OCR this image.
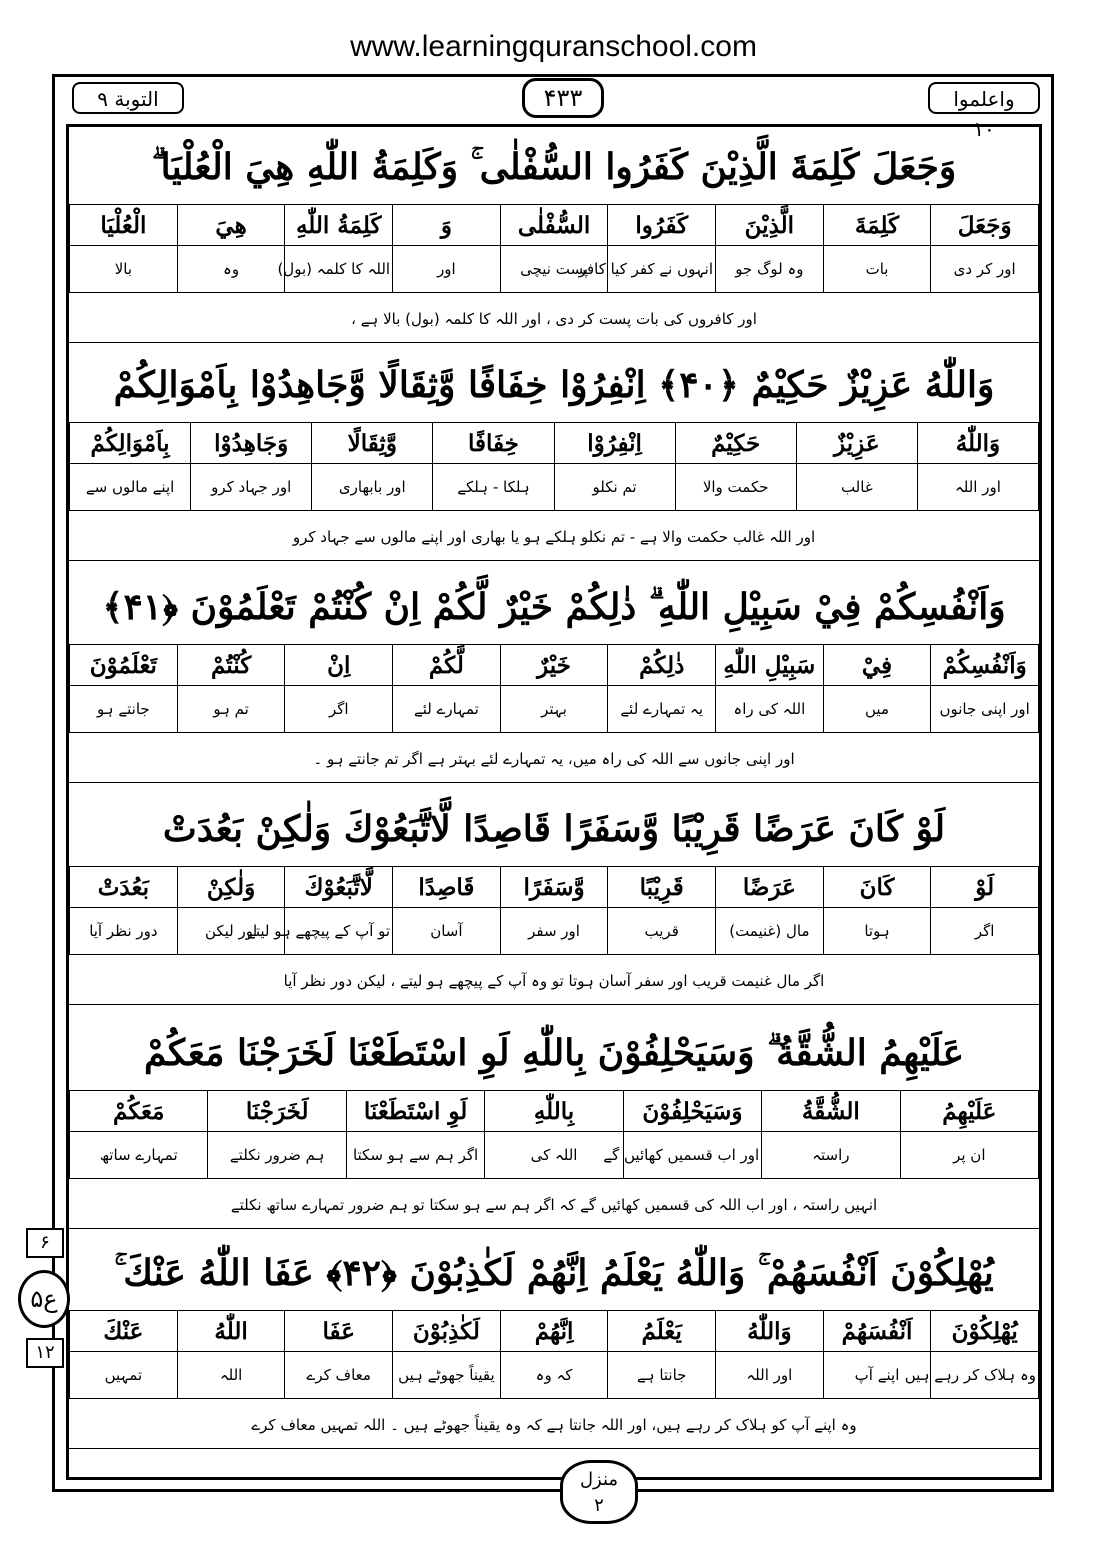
www.learningquranschool.com
التوبة ۹	۴۳۳	واعلموا ۱۰
وَجَعَلَ كَلِمَةَ الَّذِيْنَ كَفَرُوا السُّفْلٰى ۚ وَكَلِمَةُ اللّٰهِ هِيَ الْعُلْيَا ۗ
وَجَعَلَ	كَلِمَةَ	الَّذِيْنَ	كَفَرُوا	السُّفْلٰى	وَ	كَلِمَةُ اللّٰهِ	هِيَ	الْعُلْيَا
اور کر دی	بات	وہ لوگ جو	انہوں نے کفر کیا کافر	پست نیچی	اور	اللہ کا کلمہ (بول)	وہ	بالا
اور کافروں کی بات پست کر دی ، اور اللہ کا کلمہ (بول) بالا ہے ،
وَاللّٰهُ عَزِيْزٌ حَكِيْمٌ ﴿۴۰﴾ اِنْفِرُوْا خِفَافًا وَّثِقَالًا وَّجَاهِدُوْا بِاَمْوَالِكُمْ
وَاللّٰهُ	عَزِيْزٌ	حَكِيْمٌ	اِنْفِرُوْا	خِفَافًا	وَّثِقَالًا	وَجَاهِدُوْا	بِاَمْوَالِكُمْ
اور اللہ	غالب	حکمت والا	تم نکلو	ہلکا - ہلکے	اور بابھاری	اور جہاد کرو	اپنے مالوں سے
اور اللہ غالب حکمت والا ہے - تم نکلو ہلکے ہو یا بھاری اور اپنے مالوں سے جہاد کرو
وَاَنْفُسِكُمْ فِيْ سَبِيْلِ اللّٰهِ ۗ ذٰلِكُمْ خَيْرٌ لَّكُمْ اِنْ كُنْتُمْ تَعْلَمُوْنَ ﴿۴۱﴾
وَاَنْفُسِكُمْ	فِيْ	سَبِيْلِ اللّٰهِ	ذٰلِكُمْ	خَيْرٌ	لَّكُمْ	اِنْ	كُنْتُمْ	تَعْلَمُوْنَ
اور اپنی جانوں	میں	اللہ کی راہ	یہ تمہارے لئے	بہتر	تمہارے لئے	اگر	تم ہو	جانتے ہو
اور اپنی جانوں سے اللہ کی راہ میں، یہ تمہارے لئے بہتر ہے اگر تم جانتے ہو ۔
لَوْ كَانَ عَرَضًا قَرِيْبًا وَّسَفَرًا قَاصِدًا لَّاتَّبَعُوْكَ وَلٰكِنْ بَعُدَتْ
لَوْ	كَانَ	عَرَضًا	قَرِيْبًا	وَّسَفَرًا	قَاصِدًا	لَّاتَّبَعُوْكَ	وَلٰكِنْ	بَعُدَتْ
اگر	ہوتا	مال (غنیمت)	قریب	اور سفر	آسان	تو آپ کے پیچھے ہو لیتے	اور لیکن	دور نظر آیا
اگر مال غنیمت قریب اور سفر آسان ہوتا تو وہ آپ کے پیچھے ہو لیتے ، لیکن دور نظر آیا
عَلَيْهِمُ الشُّقَّةُ ۗ وَسَيَحْلِفُوْنَ بِاللّٰهِ لَوِ اسْتَطَعْنَا لَخَرَجْنَا مَعَكُمْ
عَلَيْهِمُ	الشُّقَّةُ	وَسَيَحْلِفُوْنَ	بِاللّٰهِ	لَوِ اسْتَطَعْنَا	لَخَرَجْنَا	مَعَكُمْ
ان پر	راستہ	اور اب قسمیں کھائیں گے	اللہ کی	اگر ہم سے ہو سکتا	ہم ضرور نکلتے	تمہارے ساتھ
انہیں راستہ ، اور اب اللہ کی قسمیں کھائیں گے کہ اگر ہم سے ہو سکتا تو ہم ضرور تمہارے ساتھ نکلتے
يُهْلِكُوْنَ اَنْفُسَهُمْ ۚ وَاللّٰهُ يَعْلَمُ اِنَّهُمْ لَكٰذِبُوْنَ ﴿۴۲﴾ عَفَا اللّٰهُ عَنْكَ ۚ
يُهْلِكُوْنَ	اَنْفُسَهُمْ	وَاللّٰهُ	يَعْلَمُ	اِنَّهُمْ	لَكٰذِبُوْنَ	عَفَا	اللّٰهُ	عَنْكَ
وہ ہلاک کر رہے ہیں	اپنے آپ	اور اللہ	جانتا ہے	کہ وہ	یقیناً جھوٹے ہیں	معاف کرے	اللہ	تمہیں
وہ اپنے آپ کو ہلاک کر رہے ہیں، اور اللہ جانتا ہے کہ وہ یقیناً جھوٹے ہیں ۔ اللہ تمہیں معاف کرے
۶
ع۵
۱۲
منزل
۲
